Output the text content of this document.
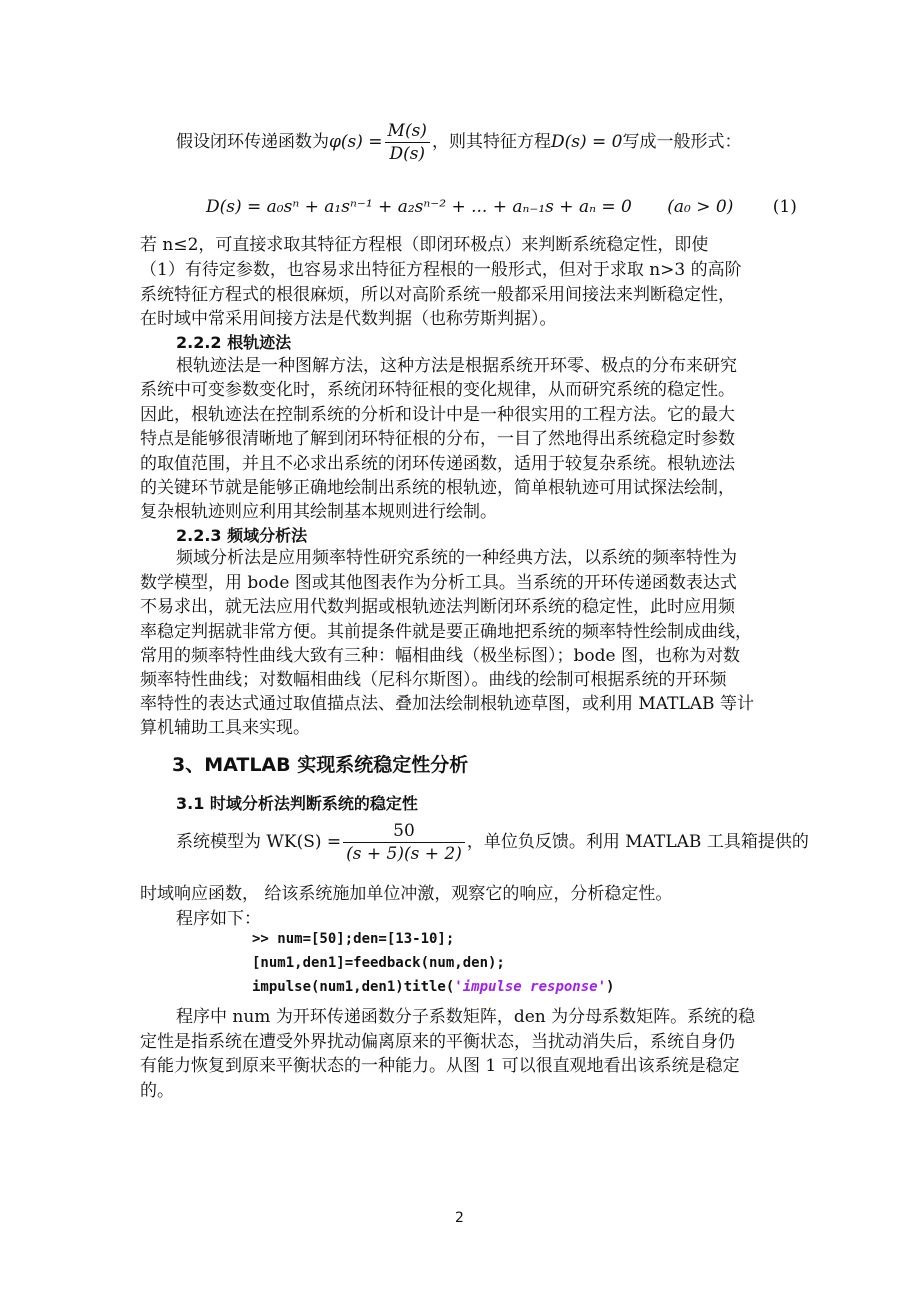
假设闭环传递函数为$\varphi(s) = \frac{M(s)}{D(s)}$ ，则其特征方程D(s) = 0写成一般形式：
D(s) = a₀sⁿ + a₁sⁿ⁻¹ + a₂sⁿ⁻² + ... + aₙ₋₁s + aₙ = 0 (a₀ > 0) (1)
若 n≤2，可直接求取其特征方程根（即闭环极点）来判断系统稳定性，即使
（1）有待定参数，也容易求出特征方程根的一般形式，但对于求取 n>3 的高阶
系统特征方程式的根很麻烦，所以对高阶系统一般都采用间接法来判断稳定性，
在时域中常采用间接方法是代数判据（也称劳斯判据）。
2.2.2 根轨迹法
根轨迹法是一种图解方法，这种方法是根据系统开环零、极点的分布来研究
系统中可变参数变化时，系统闭环特征根的变化规律，从而研究系统的稳定性。
因此，根轨迹法在控制系统的分析和设计中是一种很实用的工程方法。它的最大
特点是能够很清晰地了解到闭环特征根的分布，一目了然地得出系统稳定时参数
的取值范围，并且不必求出系统的闭环传递函数，适用于较复杂系统。根轨迹法
的关键环节就是能够正确地绘制出系统的根轨迹，简单根轨迹可用试探法绘制，
复杂根轨迹则应利用其绘制基本规则进行绘制。
2.2.3 频域分析法
频域分析法是应用频率特性研究系统的一种经典方法，以系统的频率特性为
数学模型，用 bode 图或其他图表作为分析工具。当系统的开环传递函数表达式
不易求出，就无法应用代数判据或根轨迹法判断闭环系统的稳定性，此时应用频
率稳定判据就非常方便。其前提条件就是要正确地把系统的频率特性绘制成曲线，
常用的频率特性曲线大致有三种：幅相曲线（极坐标图）；bode 图，也称为对数
频率特性曲线；对数幅相曲线（尼科尔斯图）。曲线的绘制可根据系统的开环频
率特性的表达式通过取值描点法、叠加法绘制根轨迹草图，或利用 MATLAB 等计
算机辅助工具来实现。
3、MATLAB 实现系统稳定性分析
3.1 时域分析法判断系统的稳定性
系统模型为 $WK(S) = \frac{50}{(s + 5)(s + 2)}$ ，单位负反馈。利用 MATLAB 工具箱提供的
时域响应函数， 给该系统施加单位冲激，观察它的响应，分析稳定性。
程序如下：
>> num=[50];den=[13-10];
[num1,den1]=feedback(num,den);
impulse(num1,den1)title('impulse response')
程序中 num 为开环传递函数分子系数矩阵，den 为分母系数矩阵。系统的稳
定性是指系统在遭受外界扰动偏离原来的平衡状态，当扰动消失后，系统自身仍
有能力恢复到原来平衡状态的一种能力。从图 1 可以很直观地看出该系统是稳定
的。
2
